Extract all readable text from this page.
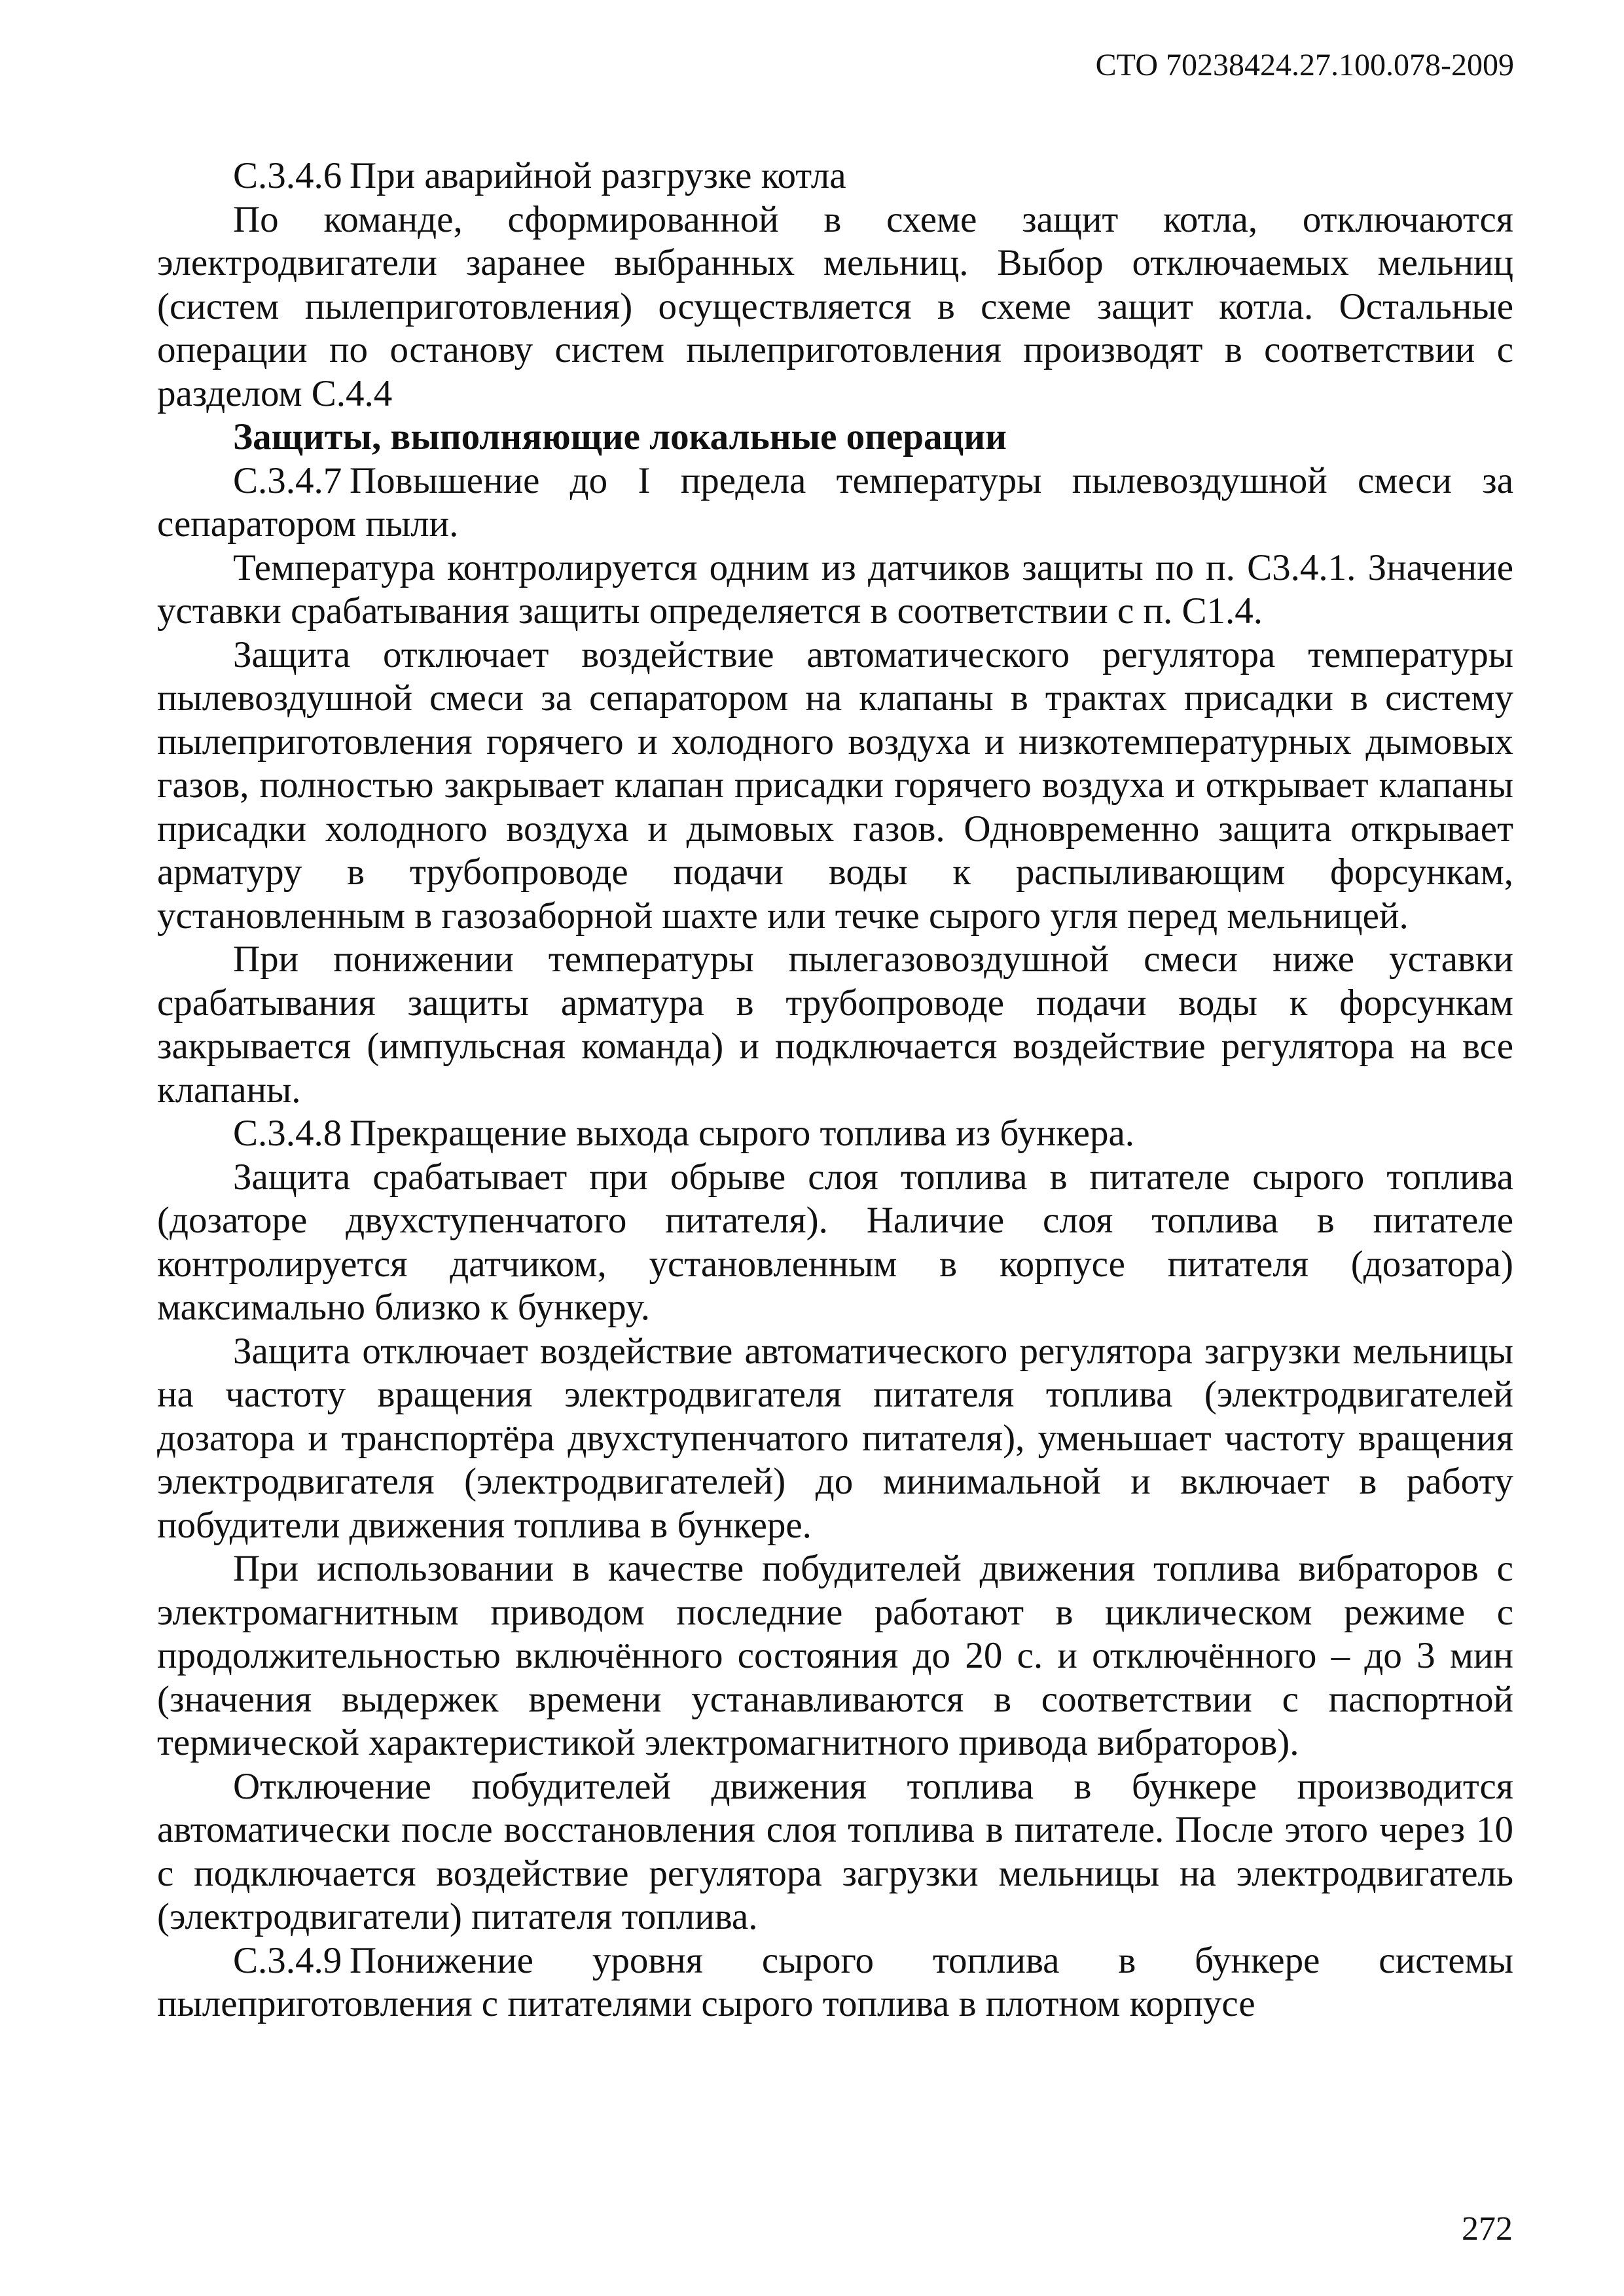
СТО 70238424.27.100.078-2009

С.3.4.6 При аварийной разгрузке котла

По команде, сформированной в схеме защит котла, отключаются электродвигатели заранее выбранных мельниц. Выбор отключаемых мельниц (систем пылеприготовления) осуществляется в схеме защит котла. Остальные операции по останову систем пылеприготовления производят в соответствии с разделом С.4.4

Защиты, выполняющие локальные операции

С.3.4.7 Повышение до I предела температуры пылевоздушной смеси за сепаратором пыли.

Температура контролируется одним из датчиков защиты по п. С3.4.1. Значение уставки срабатывания защиты определяется в соответствии с п. С1.4.

Защита отключает воздействие автоматического регулятора температуры пылевоздушной смеси за сепаратором на клапаны в трактах присадки в систему пылеприготовления горячего и холодного воздуха и низкотемпературных дымовых газов, полностью закрывает клапан присадки горячего воздуха и открывает клапаны присадки холодного воздуха и дымовых газов. Одновременно защита открывает арматуру в трубопроводе подачи воды к распыливающим форсункам, установленным в газозаборной шахте или течке сырого угля перед мельницей.

При понижении температуры пылегазовоздушной смеси ниже уставки срабатывания защиты арматура в трубопроводе подачи воды к форсункам закрывается (импульсная команда) и подключается воздействие регулятора на все клапаны.

С.3.4.8 Прекращение выхода сырого топлива из бункера.

Защита срабатывает при обрыве слоя топлива в питателе сырого топлива (дозаторе двухступенчатого питателя). Наличие слоя топлива в питателе контролируется датчиком, установленным в корпусе питателя (дозатора) максимально близко к бункеру.

Защита отключает воздействие автоматического регулятора загрузки мельницы на частоту вращения электродвигателя питателя топлива (электродвигателей дозатора и транспортёра двухступенчатого питателя), уменьшает частоту вращения электродвигателя (электродвигателей) до минимальной и включает в работу побудители движения топлива в бункере.

При использовании в качестве побудителей движения топлива вибраторов с электромагнитным приводом последние работают в циклическом режиме с продолжительностью включённого состояния до 20 с. и отключённого – до 3 мин (значения выдержек времени устанавливаются в соответствии с паспортной термической характеристикой электромагнитного привода вибраторов).

Отключение побудителей движения топлива в бункере производится автоматически после восстановления слоя топлива в питателе. После этого через 10 с подключается воздействие регулятора загрузки мельницы на электродвигатель (электродвигатели) питателя топлива.

С.3.4.9 Понижение уровня сырого топлива в бункере системы пылеприготовления с питателями сырого топлива в плотном корпусе

272
